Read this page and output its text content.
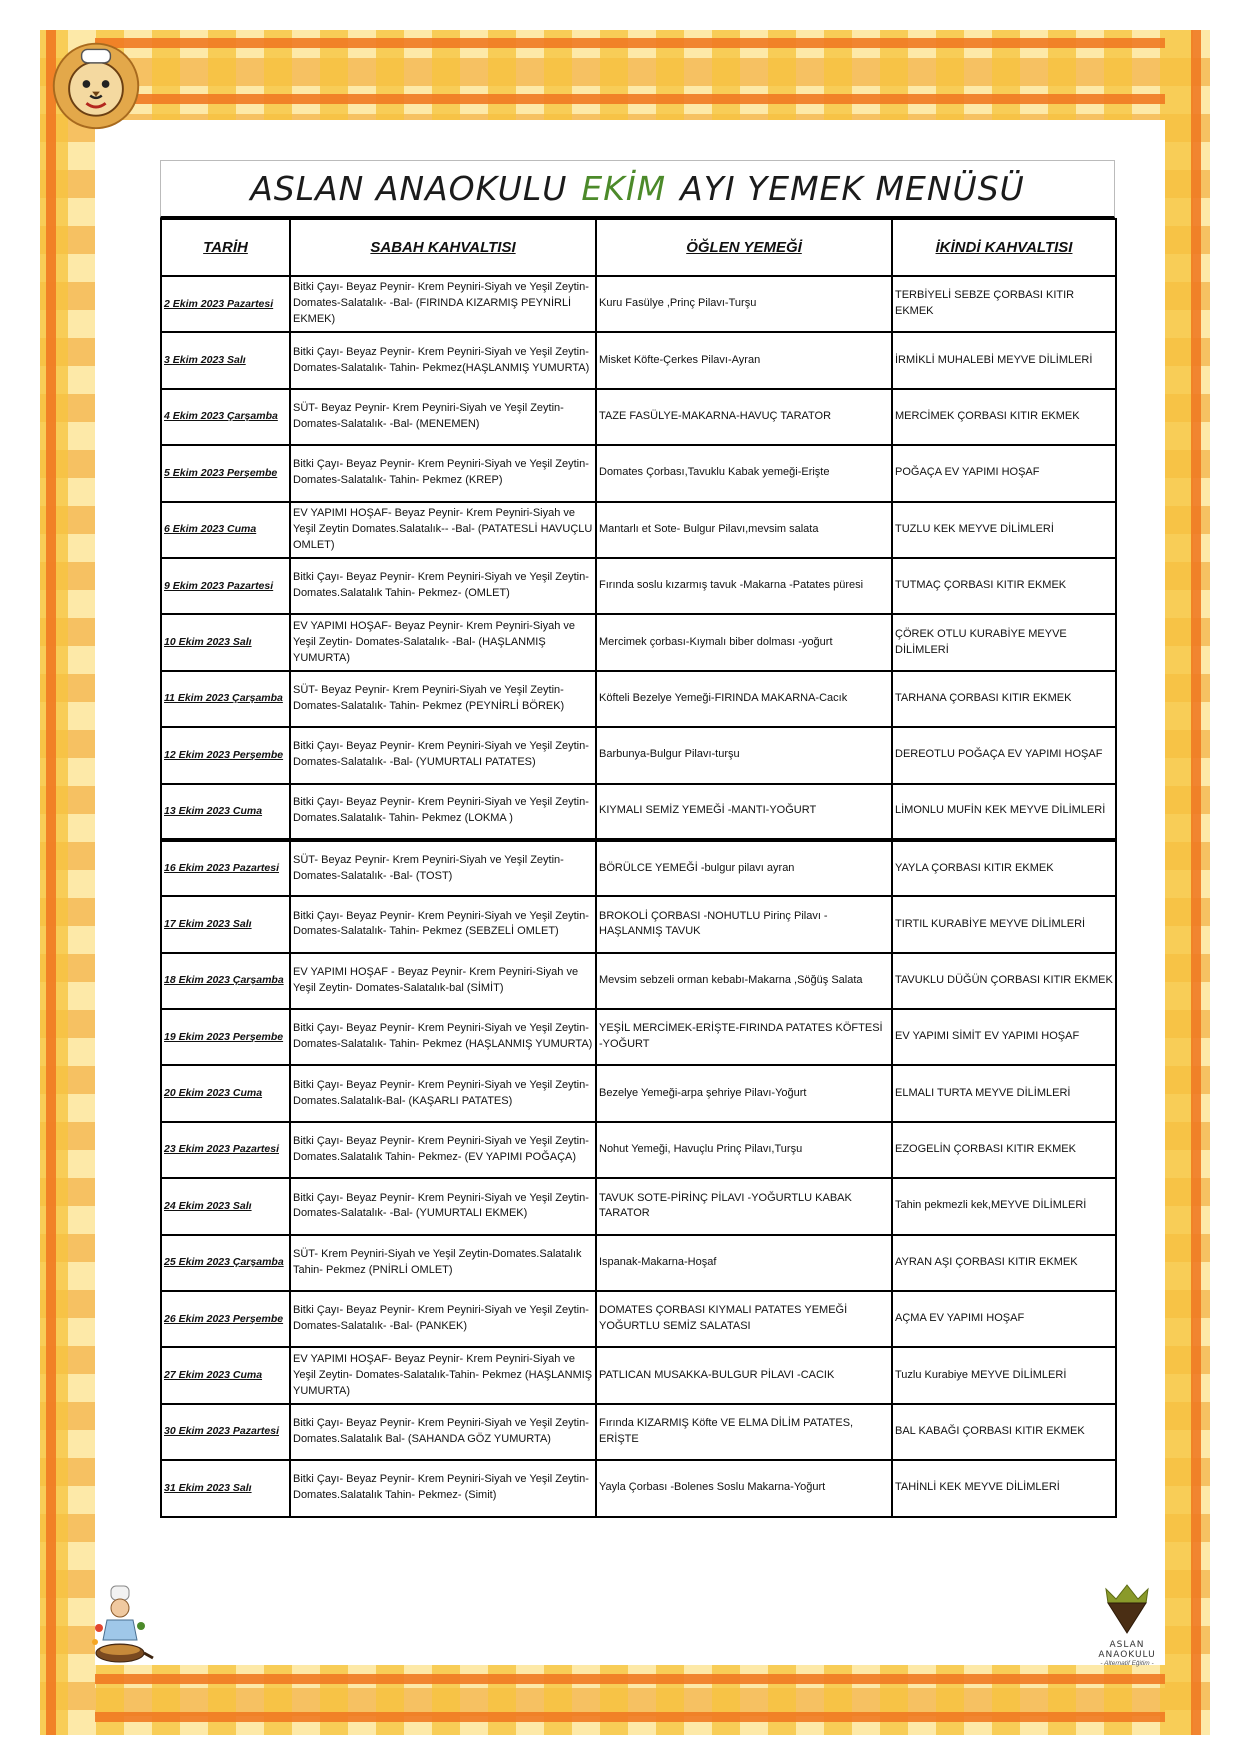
ASLAN ANAOKULU EKİM AYI YEMEK MENÜSÜ
TARİH	SABAH KAHVALTISI	ÖĞLEN YEMEĞİ	İKİNDİ KAHVALTISI
2 Ekim 2023 Pazartesi	Bitki Çayı- Beyaz Peynir- Krem Peyniri-Siyah ve Yeşil Zeytin- Domates-Salatalık- -Bal- (FIRINDA KIZARMIŞ PEYNİRLİ EKMEK)	Kuru Fasülye ,Prinç Pilavı-Turşu	TERBİYELİ SEBZE ÇORBASI KITIR EKMEK
3 Ekim 2023 Salı	Bitki Çayı- Beyaz Peynir- Krem Peyniri-Siyah ve Yeşil Zeytin- Domates-Salatalık- Tahin- Pekmez(HAŞLANMIŞ YUMURTA)	Misket Köfte-Çerkes Pilavı-Ayran	İRMİKLİ MUHALEBİ MEYVE DİLİMLERİ
4 Ekim 2023 Çarşamba	SÜT- Beyaz Peynir- Krem Peyniri-Siyah ve Yeşil Zeytin-Domates-Salatalık- -Bal- (MENEMEN)	TAZE FASÜLYE-MAKARNA-HAVUÇ TARATOR	MERCİMEK ÇORBASI KITIR EKMEK
5 Ekim 2023 Perşembe	Bitki Çayı- Beyaz Peynir- Krem Peyniri-Siyah ve Yeşil Zeytin- Domates-Salatalık- Tahin- Pekmez (KREP)	Domates Çorbası,Tavuklu Kabak yemeği-Erişte	POĞAÇA EV YAPIMI HOŞAF
6 Ekim 2023 Cuma	EV YAPIMI HOŞAF- Beyaz Peynir- Krem Peyniri-Siyah ve Yeşil Zeytin Domates.Salatalık-- -Bal- (PATATESLİ HAVUÇLU OMLET)	Mantarlı et Sote- Bulgur Pilavı,mevsim salata	TUZLU KEK MEYVE DİLİMLERİ
9 Ekim 2023 Pazartesi	Bitki Çayı- Beyaz Peynir- Krem Peyniri-Siyah ve Yeşil Zeytin-Domates.Salatalık Tahin- Pekmez- (OMLET)	Fırında soslu kızarmış tavuk -Makarna -Patates püresi	TUTMAÇ ÇORBASI KITIR EKMEK
10 Ekim 2023 Salı	EV YAPIMI HOŞAF- Beyaz Peynir- Krem Peyniri-Siyah ve Yeşil Zeytin- Domates-Salatalık- -Bal- (HAŞLANMIŞ YUMURTA)	Mercimek çorbası-Kıymalı biber dolması -yoğurt	ÇÖREK OTLU KURABİYE MEYVE DİLİMLERİ
11 Ekim 2023 Çarşamba	SÜT- Beyaz Peynir- Krem Peyniri-Siyah ve Yeşil Zeytin-Domates-Salatalık- Tahin- Pekmez (PEYNİRLİ BÖREK)	Köfteli Bezelye Yemeği-FIRINDA MAKARNA-Cacık	TARHANA ÇORBASI KITIR EKMEK
12 Ekim 2023 Perşembe	Bitki Çayı- Beyaz Peynir- Krem Peyniri-Siyah ve Yeşil Zeytin- Domates-Salatalık- -Bal- (YUMURTALI PATATES)	Barbunya-Bulgur Pilavı-turşu	DEREOTLU POĞAÇA EV YAPIMI HOŞAF
13 Ekim 2023 Cuma	Bitki Çayı- Beyaz Peynir- Krem Peyniri-Siyah ve Yeşil Zeytin-Domates.Salatalık- Tahin- Pekmez (LOKMA )	KIYMALI SEMİZ YEMEĞİ -MANTI-YOĞURT	LİMONLU MUFİN KEK MEYVE DİLİMLERİ
16 Ekim 2023 Pazartesi	SÜT- Beyaz Peynir- Krem Peyniri-Siyah ve Yeşil Zeytin-Domates-Salatalık- -Bal- (TOST)	BÖRÜLCE YEMEĞİ -bulgur pilavı ayran	YAYLA ÇORBASI KITIR EKMEK
17 Ekim 2023 Salı	Bitki Çayı- Beyaz Peynir- Krem Peyniri-Siyah ve Yeşil Zeytin- Domates-Salatalık- Tahin- Pekmez (SEBZELİ OMLET)	BROKOLİ ÇORBASI -NOHUTLU Pirinç Pilavı -HAŞLANMIŞ TAVUK	TIRTIL KURABİYE MEYVE DİLİMLERİ
18 Ekim 2023 Çarşamba	EV YAPIMI HOŞAF - Beyaz Peynir- Krem Peyniri-Siyah ve Yeşil Zeytin- Domates-Salatalık-bal (SİMİT)	Mevsim sebzeli orman kebabı-Makarna ,Söğüş Salata	TAVUKLU DÜĞÜN ÇORBASI KITIR EKMEK
19 Ekim 2023 Perşembe	Bitki Çayı- Beyaz Peynir- Krem Peyniri-Siyah ve Yeşil Zeytin- Domates-Salatalık- Tahin- Pekmez (HAŞLANMIŞ YUMURTA)	YEŞİL MERCİMEK-ERİŞTE-FIRINDA PATATES KÖFTESİ -YOĞURT	EV YAPIMI SİMİT EV YAPIMI HOŞAF
20 Ekim 2023 Cuma	Bitki Çayı- Beyaz Peynir- Krem Peyniri-Siyah ve Yeşil Zeytin-Domates.Salatalık-Bal- (KAŞARLI PATATES)	Bezelye Yemeği-arpa şehriye Pilavı-Yoğurt	ELMALI TURTA MEYVE DİLİMLERİ
23 Ekim 2023 Pazartesi	Bitki Çayı- Beyaz Peynir- Krem Peyniri-Siyah ve Yeşil Zeytin-Domates.Salatalık Tahin- Pekmez- (EV YAPIMI POĞAÇA)	Nohut Yemeği, Havuçlu Prinç Pilavı,Turşu	EZOGELİN ÇORBASI KITIR EKMEK
24 Ekim 2023 Salı	Bitki Çayı- Beyaz Peynir- Krem Peyniri-Siyah ve Yeşil Zeytin- Domates-Salatalık- -Bal- (YUMURTALI EKMEK)	TAVUK SOTE-PİRİNÇ PİLAVI -YOĞURTLU KABAK TARATOR	Tahin pekmezli kek,MEYVE DİLİMLERİ
25 Ekim 2023 Çarşamba	SÜT- Krem Peyniri-Siyah ve Yeşil Zeytin-Domates.Salatalık Tahin- Pekmez (PNİRLİ OMLET)	Ispanak-Makarna-Hoşaf	AYRAN AŞI ÇORBASI KITIR EKMEK
26 Ekim 2023 Perşembe	Bitki Çayı- Beyaz Peynir- Krem Peyniri-Siyah ve Yeşil Zeytin- Domates-Salatalık- -Bal- (PANKEK)	DOMATES ÇORBASI KIYMALI PATATES YEMEĞİ YOĞURTLU SEMİZ SALATASI	AÇMA EV YAPIMI HOŞAF
27 Ekim 2023 Cuma	EV YAPIMI HOŞAF- Beyaz Peynir- Krem Peyniri-Siyah ve Yeşil Zeytin- Domates-Salatalık-Tahin- Pekmez (HAŞLANMIŞ YUMURTA)	PATLICAN MUSAKKA-BULGUR PİLAVI -CACIK	Tuzlu Kurabiye MEYVE DİLİMLERİ
30 Ekim 2023 Pazartesi	Bitki Çayı- Beyaz Peynir- Krem Peyniri-Siyah ve Yeşil Zeytin-Domates.Salatalık Bal- (SAHANDA GÖZ YUMURTA)	Fırında KIZARMIŞ Köfte VE ELMA DİLİM PATATES, ERİŞTE	BAL KABAĞI ÇORBASI KITIR EKMEK
31 Ekim 2023 Salı	Bitki Çayı- Beyaz Peynir- Krem Peyniri-Siyah ve Yeşil Zeytin-Domates.Salatalık Tahin- Pekmez- (Simit)	Yayla Çorbası -Bolenes Soslu Makarna-Yoğurt	TAHİNLİ KEK MEYVE DİLİMLERİ
ASLAN ANAOKULU
- Alternatif Eğitim -
